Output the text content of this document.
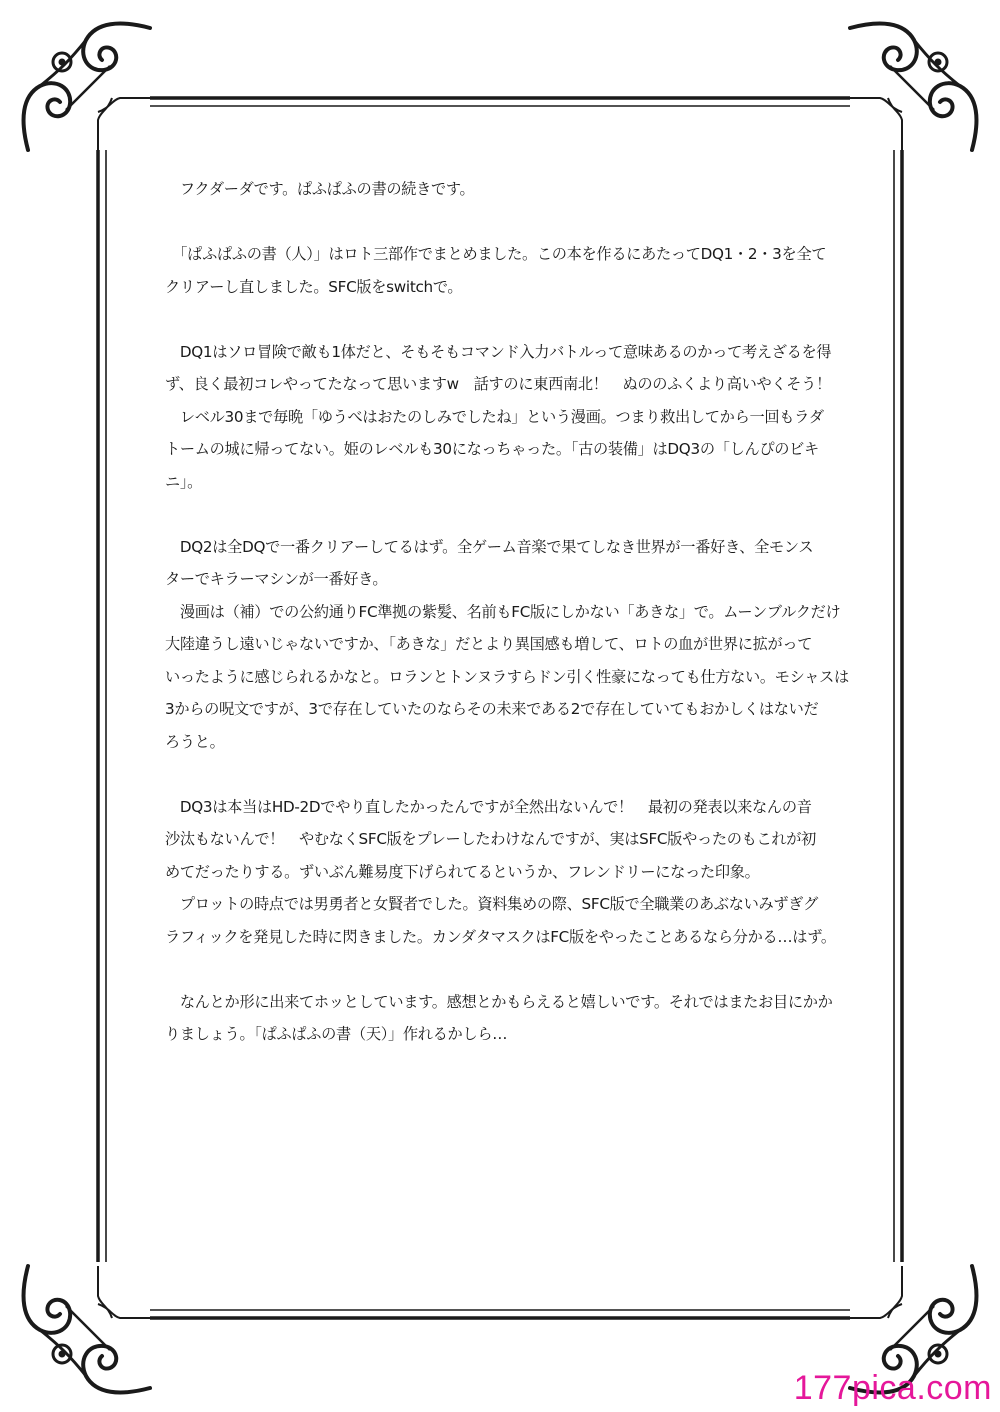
　フクダーダです。ぱふぱふの書の続きです。
　「ぱふぱふの書（人）」はロト三部作でまとめました。この本を作るにあたってDQ1・2・3を全て
クリアーし直しました。SFC版をswitchで。
　DQ1はソロ冒険で敵も1体だと、そもそもコマンド入力バトルって意味あるのかって考えざるを得
ず、良く最初コレやってたなって思いますw　話すのに東西南北！　ぬののふくより高いやくそう！
　レベル30まで毎晩「ゆうべはおたのしみでしたね」という漫画。つまり救出してから一回もラダ
トームの城に帰ってない。姫のレベルも30になっちゃった。「古の装備」はDQ3の「しんぴのビキ
ニ」。
　DQ2は全DQで一番クリアーしてるはず。全ゲーム音楽で果てしなき世界が一番好き、全モンス
ターでキラーマシンが一番好き。
　漫画は（補）での公約通りFC準拠の紫髪、名前もFC版にしかない「あきな」で。ムーンブルクだけ
大陸違うし遠いじゃないですか、「あきな」だとより異国感も増して、ロトの血が世界に拡がって
いったように感じられるかなと。ロランとトンヌラすらドン引く性豪になっても仕方ない。モシャスは
3からの呪文ですが、3で存在していたのならその未来である2で存在していてもおかしくはないだ
ろうと。
　DQ3は本当はHD-2Dでやり直したかったんですが全然出ないんで！　最初の発表以来なんの音
沙汰もないんで！　やむなくSFC版をプレーしたわけなんですが、実はSFC版やったのもこれが初
めてだったりする。ずいぶん難易度下げられてるというか、フレンドリーになった印象。
　プロットの時点では男勇者と女賢者でした。資料集めの際、SFC版で全職業のあぶないみずぎグ
ラフィックを発見した時に閃きました。カンダタマスクはFC版をやったことあるなら分かる…はず。
　なんとか形に出来てホッとしています。感想とかもらえると嬉しいです。それではまたお目にかか
りましょう。「ぱふぱふの書（天）」作れるかしら…
177pica.com
